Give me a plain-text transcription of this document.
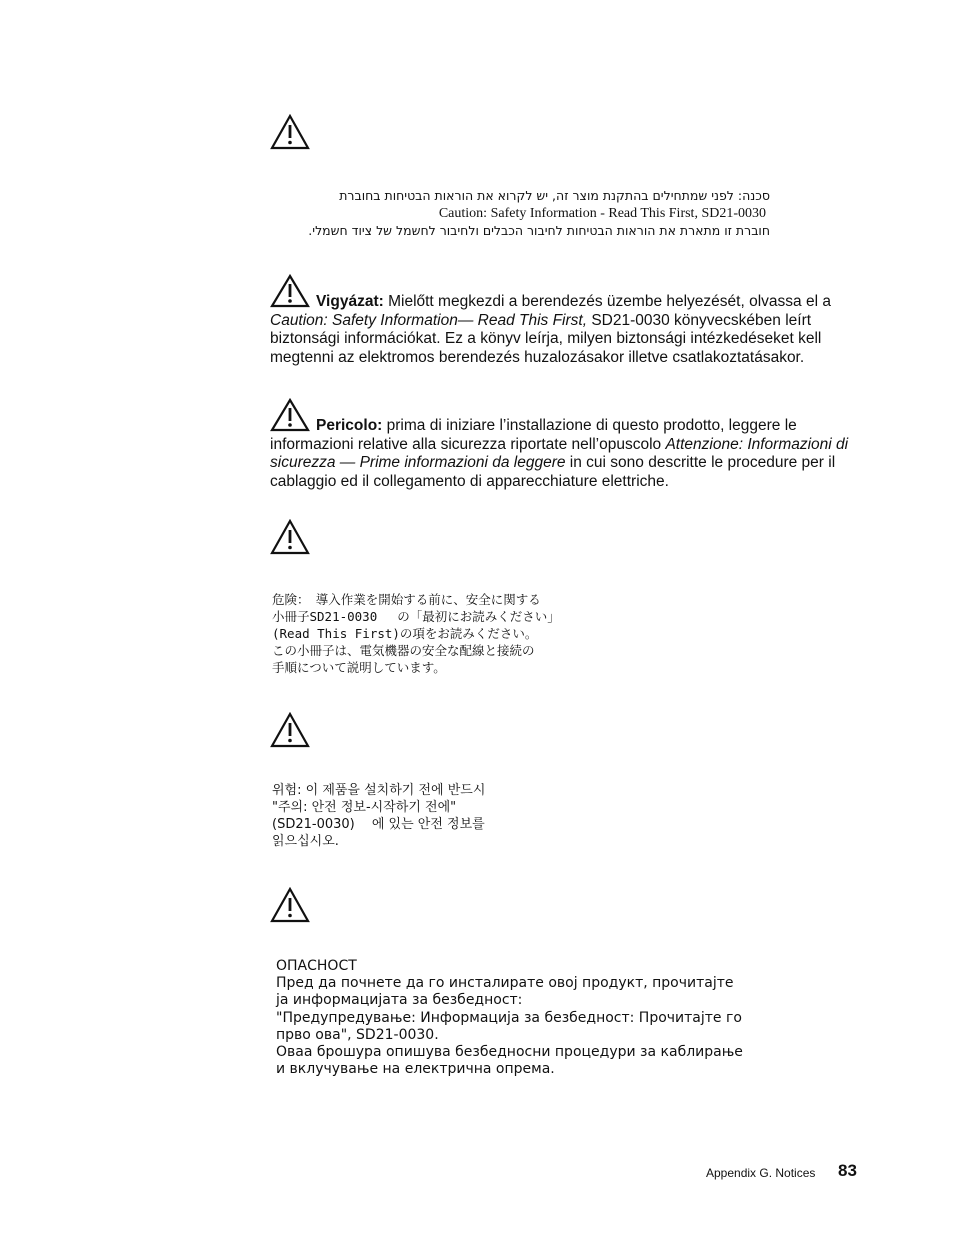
סכנה: לפני שמתחילים בהתקנת מוצר זה, יש לקרוא את הוראות הבטיחות בחוברת
Caution: Safety Information - Read This First, SD21-0030
חוברת זו מתארת את הוראות הבטיחות לחיבור הכבלים ולחיבור לחשמל של ציוד חשמלי.
Vigyázat: Mielőtt megkezdi a berendezés üzembe helyezését, olvassa el a Caution: Safety Information— Read This First, SD21-0030 könyvecskében leírt biztonsági információkat. Ez a könyv leírja, milyen biztonsági intézkedéseket kell megtenni az elektromos berendezés huzalozásakor illetve csatlakoztatásakor.
Pericolo: prima di iniziare l’installazione di questo prodotto, leggere le informazioni relative alla sicurezza riportate nell’opuscolo Attenzione: Informazioni di sicurezza — Prime informazioni da leggere in cui sono descritte le procedure per il cablaggio ed il collegamento di apparecchiature elettriche.
危険：　導入作業を開始する前に、安全に関する
小冊子SD21-0030　 の「最初にお読みください」
(Read This First)の項をお読みください。
この小冊子は、電気機器の安全な配線と接続の
手順について説明しています。
위험: 이 제품을 설치하기 전에 반드시
"주의: 안전 정보-시작하기 전에"
(SD21-0030)　 에 있는 안전 정보를
읽으십시오.
ОПАСНОСТ
Пред да почнете да го инсталирате овој продукт, прочитајте
ја информацијата за безбедност:
"Предупредување: Информација за безбедност: Прочитајте го
прво ова", SD21-0030.
Оваа брошура опишува безбедносни процедури за каблирање
и вклучување на електрична опрема.
Appendix G. Notices 83
